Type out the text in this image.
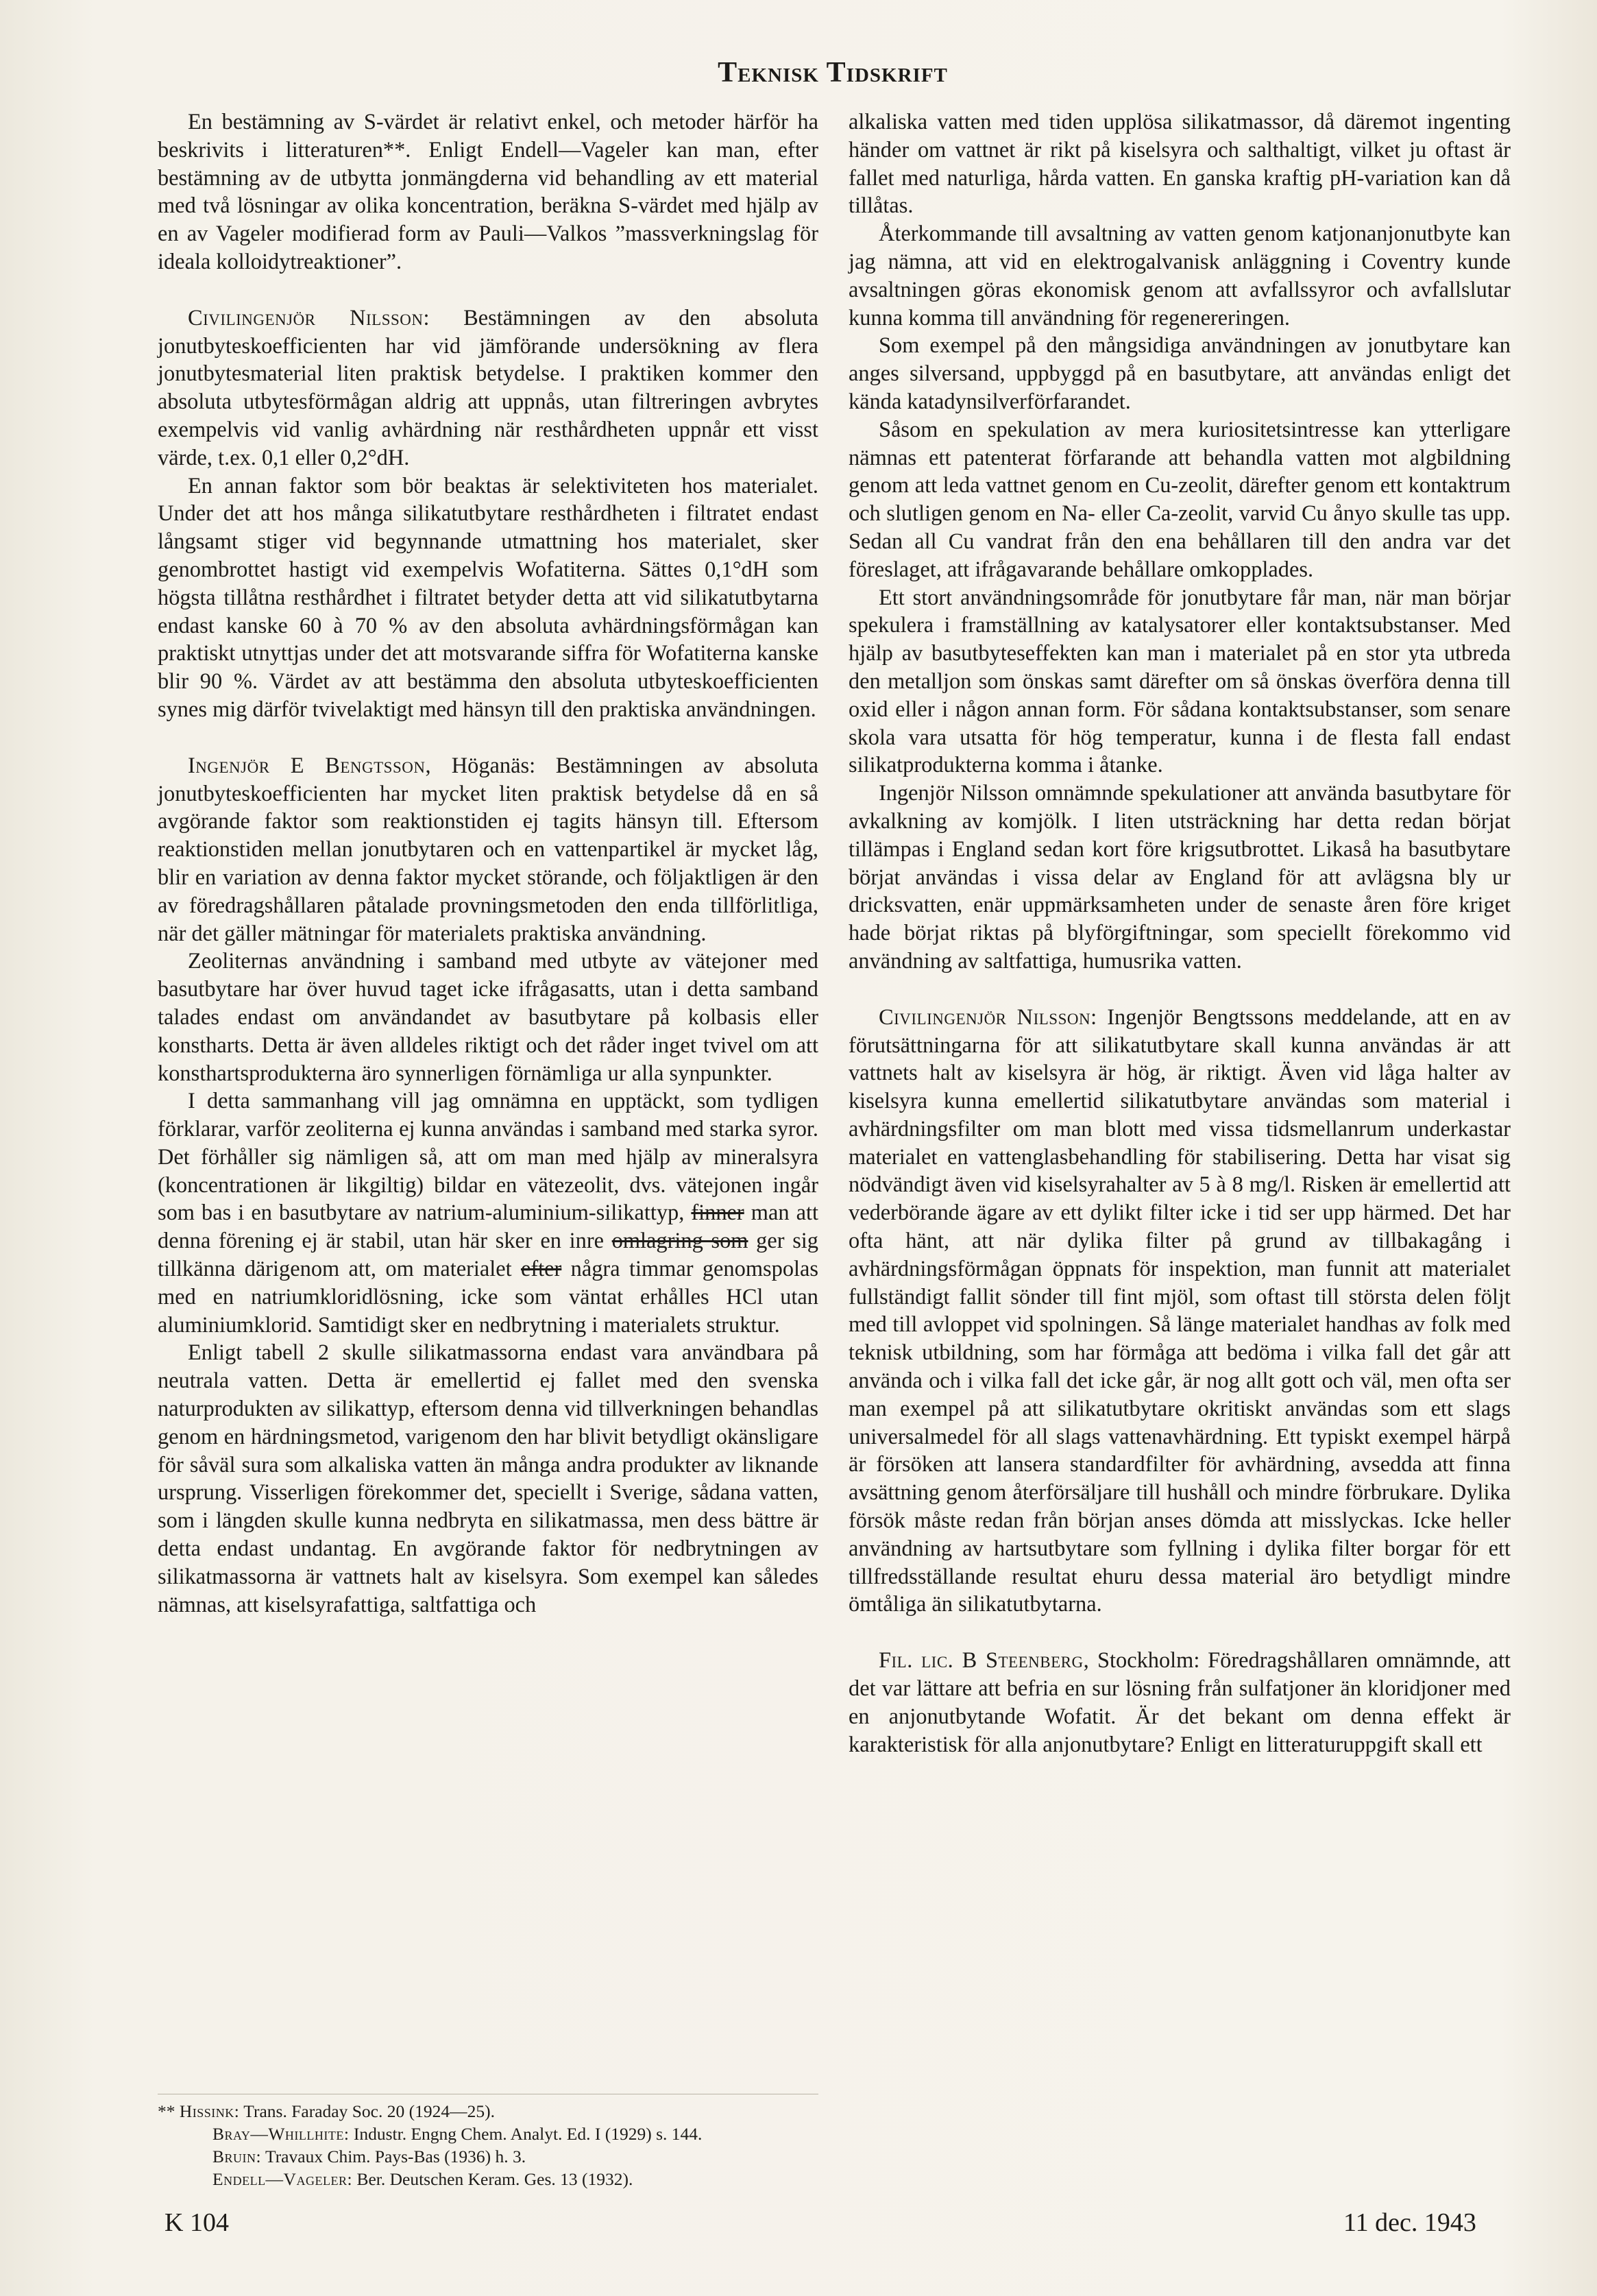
Teknisk Tidskrift

En bestämning av S-värdet är relativt enkel, och metoder härför ha beskrivits i litteraturen**. Enligt Endell—Vageler kan man, efter bestämning av de utbytta jonmängderna vid behandling av ett material med två lösningar av olika koncentration, beräkna S-värdet med hjälp av en av Vageler modifierad form av Pauli—Valkos ”massverkningslag för ideala kolloidytreaktioner”.

Civilingenjör Nilsson: Bestämningen av den absoluta jonutbyteskoefficienten har vid jämförande undersökning av flera jonutbytesmaterial liten praktisk betydelse. I praktiken kommer den absoluta utbytesförmågan aldrig att uppnås, utan filtreringen avbrytes exempelvis vid vanlig avhärdning när resthårdheten uppnår ett visst värde, t.ex. 0,1 eller 0,2°dH.

En annan faktor som bör beaktas är selektiviteten hos materialet. Under det att hos många silikatutbytare resthårdheten i filtratet endast långsamt stiger vid begynnande utmattning hos materialet, sker genombrottet hastigt vid exempelvis Wofatiterna. Sättes 0,1°dH som högsta tillåtna resthårdhet i filtratet betyder detta att vid silikatutbytarna endast kanske 60 à 70 % av den absoluta avhärdningsförmågan kan praktiskt utnyttjas under det att motsvarande siffra för Wofatiterna kanske blir 90 %. Värdet av att bestämma den absoluta utbyteskoefficienten synes mig därför tvivelaktigt med hänsyn till den praktiska användningen.

Ingenjör E Bengtsson, Höganäs: Bestämningen av absoluta jonutbyteskoefficienten har mycket liten praktisk betydelse då en så avgörande faktor som reaktionstiden ej tagits hänsyn till. Eftersom reaktionstiden mellan jonutbytaren och en vattenpartikel är mycket låg, blir en variation av denna faktor mycket störande, och följaktligen är den av föredragshållaren påtalade provningsmetoden den enda tillförlitliga, när det gäller mätningar för materialets praktiska användning.

Zeoliternas användning i samband med utbyte av vätejoner med basutbytare har över huvud taget icke ifrågasatts, utan i detta samband talades endast om användandet av basutbytare på kolbasis eller konstharts. Detta är även alldeles riktigt och det råder inget tvivel om att konsthartsprodukterna äro synnerligen förnämliga ur alla synpunkter.

I detta sammanhang vill jag omnämna en upptäckt, som tydligen förklarar, varför zeoliterna ej kunna användas i samband med starka syror. Det förhåller sig nämligen så, att om man med hjälp av mineralsyra (koncentrationen är likgiltig) bildar en vätezeolit, dvs. vätejonen ingår som bas i en basutbytare av natrium-aluminium-silikattyp, finner man att denna förening ej är stabil, utan här sker en inre omlagring som ger sig tillkänna därigenom att, om materialet efter några timmar genomspolas med en natriumkloridlösning, icke som väntat erhålles HCl utan aluminiumklorid. Samtidigt sker en nedbrytning i materialets struktur.

Enligt tabell 2 skulle silikatmassorna endast vara användbara på neutrala vatten. Detta är emellertid ej fallet med den svenska naturprodukten av silikattyp, eftersom denna vid tillverkningen behandlas genom en härdningsmetod, varigenom den har blivit betydligt okänsligare för såväl sura som alkaliska vatten än många andra produkter av liknande ursprung. Visserligen förekommer det, speciellt i Sverige, sådana vatten, som i längden skulle kunna nedbryta en silikatmassa, men dess bättre är detta endast undantag. En avgörande faktor för nedbrytningen av silikatmassorna är vattnets halt av kiselsyra. Som exempel kan således nämnas, att kiselsyrafattiga, saltfattiga och

** Hissink: Trans. Faraday Soc. 20 (1924—25).

Bray—Whillhite: Industr. Engng Chem. Analyt. Ed. I (1929) s. 144.

Bruin: Travaux Chim. Pays-Bas (1936) h. 3.

Endell—Vageler: Ber. Deutschen Keram. Ges. 13 (1932).

alkaliska vatten med tiden upplösa silikatmassor, då däremot ingenting händer om vattnet är rikt på kiselsyra och salthaltigt, vilket ju oftast är fallet med naturliga, hårda vatten. En ganska kraftig pH-variation kan då tillåtas.

Återkommande till avsaltning av vatten genom katjonanjonutbyte kan jag nämna, att vid en elektrogalvanisk anläggning i Coventry kunde avsaltningen göras ekonomisk genom att avfallssyror och avfallslutar kunna komma till användning för regenereringen.

Som exempel på den mångsidiga användningen av jonutbytare kan anges silversand, uppbyggd på en basutbytare, att användas enligt det kända katadynsilverförfarandet.

Såsom en spekulation av mera kuriositetsintresse kan ytterligare nämnas ett patenterat förfarande att behandla vatten mot algbildning genom att leda vattnet genom en Cu-zeolit, därefter genom ett kontaktrum och slutligen genom en Na- eller Ca-zeolit, varvid Cu ånyo skulle tas upp. Sedan all Cu vandrat från den ena behållaren till den andra var det föreslaget, att ifrågavarande behållare omkopplades.

Ett stort användningsområde för jonutbytare får man, när man börjar spekulera i framställning av katalysatorer eller kontaktsubstanser. Med hjälp av basutbyteseffekten kan man i materialet på en stor yta utbreda den metalljon som önskas samt därefter om så önskas överföra denna till oxid eller i någon annan form. För sådana kontaktsubstanser, som senare skola vara utsatta för hög temperatur, kunna i de flesta fall endast silikatprodukterna komma i åtanke.

Ingenjör Nilsson omnämnde spekulationer att använda basutbytare för avkalkning av komjölk. I liten utsträckning har detta redan börjat tillämpas i England sedan kort före krigsutbrottet. Likaså ha basutbytare börjat användas i vissa delar av England för att avlägsna bly ur dricksvatten, enär uppmärksamheten under de senaste åren före kriget hade börjat riktas på blyförgiftningar, som speciellt förekommo vid användning av saltfattiga, humusrika vatten.

Civilingenjör Nilsson: Ingenjör Bengtssons meddelande, att en av förutsättningarna för att silikatutbytare skall kunna användas är att vattnets halt av kiselsyra är hög, är riktigt. Även vid låga halter av kiselsyra kunna emellertid silikatutbytare användas som material i avhärdningsfilter om man blott med vissa tidsmellanrum underkastar materialet en vattenglasbehandling för stabilisering. Detta har visat sig nödvändigt även vid kiselsyrahalter av 5 à 8 mg/l. Risken är emellertid att vederbörande ägare av ett dylikt filter icke i tid ser upp härmed. Det har ofta hänt, att när dylika filter på grund av tillbakagång i avhärdningsförmågan öppnats för inspektion, man funnit att materialet fullständigt fallit sönder till fint mjöl, som oftast till största delen följt med till avloppet vid spolningen. Så länge materialet handhas av folk med teknisk utbildning, som har förmåga att bedöma i vilka fall det går att använda och i vilka fall det icke går, är nog allt gott och väl, men ofta ser man exempel på att silikatutbytare okritiskt användas som ett slags universalmedel för all slags vattenavhärdning. Ett typiskt exempel härpå är försöken att lansera standardfilter för avhärdning, avsedda att finna avsättning genom återförsäljare till hushåll och mindre förbrukare. Dylika försök måste redan från början anses dömda att misslyckas. Icke heller användning av hartsutbytare som fyllning i dylika filter borgar för ett tillfredsställande resultat ehuru dessa material äro betydligt mindre ömtåliga än silikatutbytarna.

Fil. lic. B Steenberg, Stockholm: Föredragshållaren omnämnde, att det var lättare att befria en sur lösning från sulfatjoner än kloridjoner med en anjonutbytande Wofatit. Är det bekant om denna effekt är karakteristisk för alla anjonutbytare? Enligt en litteraturuppgift skall ett

K 104	11 dec. 1943
